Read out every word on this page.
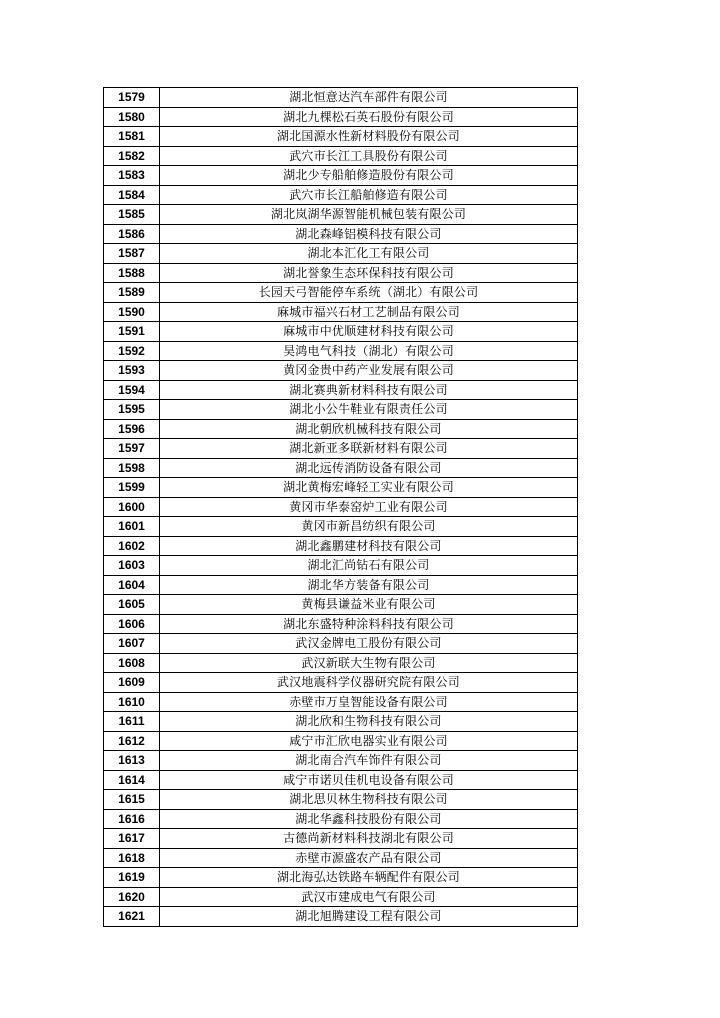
1579	湖北恒意达汽车部件有限公司
1580	湖北九棵松石英石股份有限公司
1581	湖北国源水性新材料股份有限公司
1582	武穴市长江工具股份有限公司
1583	湖北少专船舶修造股份有限公司
1584	武穴市长江船舶修造有限公司
1585	湖北岚湖华源智能机械包装有限公司
1586	湖北森峰铝模科技有限公司
1587	湖北本汇化工有限公司
1588	湖北誉象生态环保科技有限公司
1589	长园天弓智能停车系统（湖北）有限公司
1590	麻城市福兴石材工艺制品有限公司
1591	麻城市中优顺建材科技有限公司
1592	昊鸿电气科技（湖北）有限公司
1593	黄冈金贵中药产业发展有限公司
1594	湖北赛典新材料科技有限公司
1595	湖北小公牛鞋业有限责任公司
1596	湖北朝欣机械科技有限公司
1597	湖北新亚多联新材料有限公司
1598	湖北远传消防设备有限公司
1599	湖北黄梅宏峰轻工实业有限公司
1600	黄冈市华泰窑炉工业有限公司
1601	黄冈市新昌纺织有限公司
1602	湖北鑫鹏建材科技有限公司
1603	湖北汇尚钻石有限公司
1604	湖北华方装备有限公司
1605	黄梅县谦益米业有限公司
1606	湖北东盛特种涂料科技有限公司
1607	武汉金牌电工股份有限公司
1608	武汉新联大生物有限公司
1609	武汉地震科学仪器研究院有限公司
1610	赤壁市万皇智能设备有限公司
1611	湖北欣和生物科技有限公司
1612	咸宁市汇欣电器实业有限公司
1613	湖北南合汽车饰件有限公司
1614	咸宁市诺贝佳机电设备有限公司
1615	湖北思贝林生物科技有限公司
1616	湖北华鑫科技股份有限公司
1617	古德尚新材料科技湖北有限公司
1618	赤壁市源盛农产品有限公司
1619	湖北海弘达铁路车辆配件有限公司
1620	武汉市建成电气有限公司
1621	湖北旭腾建设工程有限公司
